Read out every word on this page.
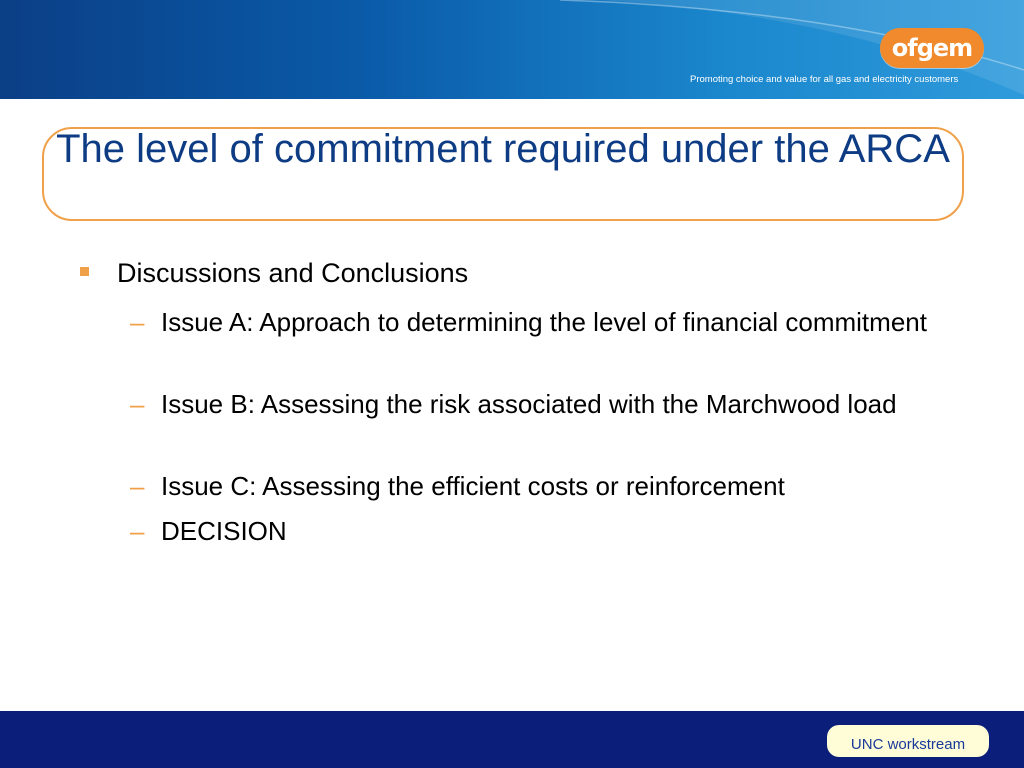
ofgem
Promoting choice and value for all gas and electricity customers
The level of commitment required under the ARCA
Discussions and Conclusions
– Issue A: Approach to determining the level of financial commitment
– Issue B: Assessing the risk associated with the Marchwood load
– Issue C: Assessing the efficient costs or reinforcement
– DECISION
UNC workstream
